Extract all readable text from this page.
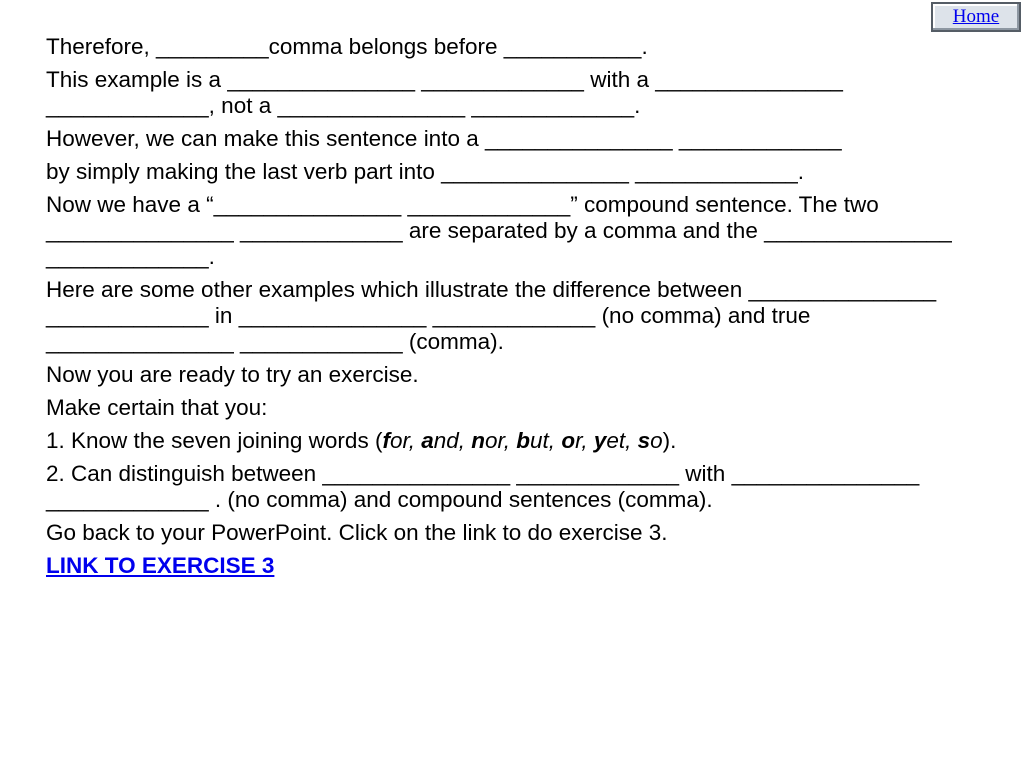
Home

Therefore, _________comma belongs before ___________.

This example is a _______________ _____________ with a _______________ _____________, not a _______________ _____________.

However, we can make this sentence into a _______________ _____________

by simply making the last verb part into _______________ _____________.

Now we have a “_______________ _____________” compound sentence. The two _______________ _____________ are separated by a comma and the _______________ _____________.

Here are some other examples which illustrate the difference between _______________ _____________ in _______________ _____________ (no comma) and true _______________ _____________ (comma).

Now you are ready to try an exercise.

Make certain that you:

1. Know the seven joining words (for, and, nor, but, or, yet, so).

2. Can distinguish between _______________ _____________ with _______________ _____________ . (no comma) and compound sentences (comma).

Go back to your PowerPoint. Click on the link to do exercise 3.

LINK TO EXERCISE 3
